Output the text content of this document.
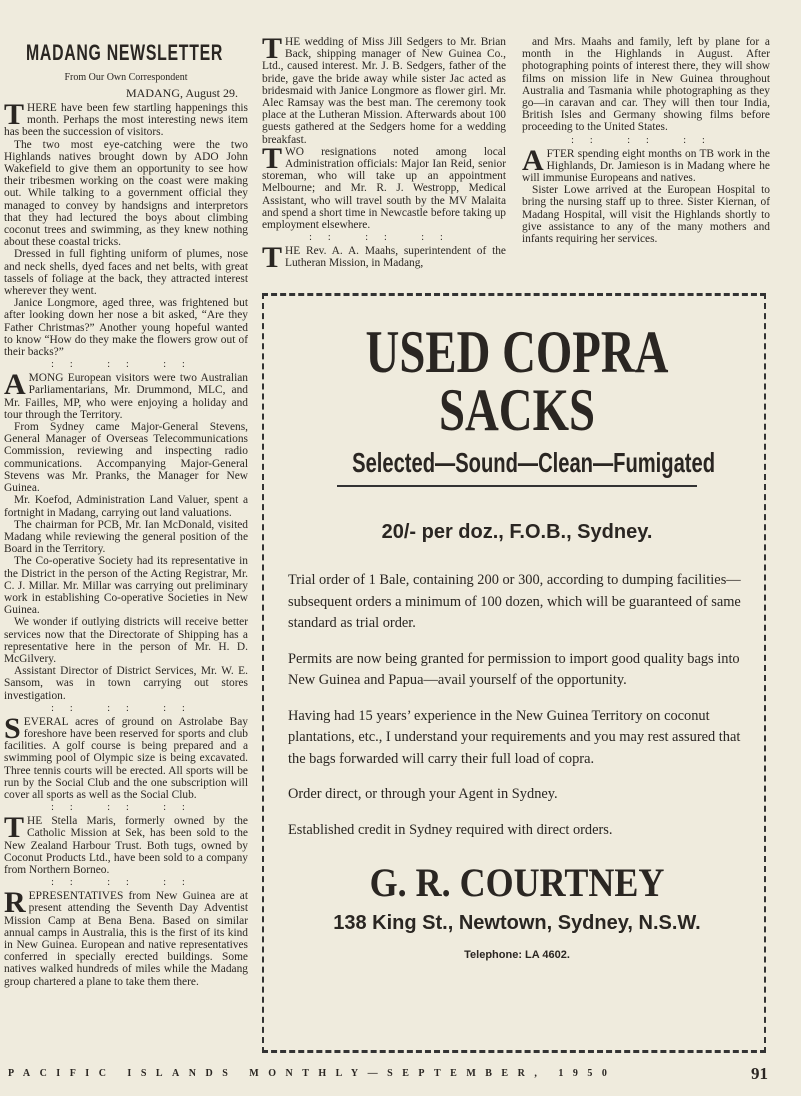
MADANG NEWSLETTER
From Our Own Correspondent
MADANG, August 29.

THERE have been few startling happenings this month. Perhaps the most interesting news item has been the succession of visitors.

The two most eye-catching were the two Highlands natives brought down by ADO John Wakefield to give them an opportunity to see how their tribesmen working on the coast were making out. While talking to a government official they managed to convey by handsigns and interpretors that they had lectured the boys about climbing coconut trees and swimming, as they knew nothing about these coastal tricks.

Dressed in full fighting uniform of plumes, nose and neck shells, dyed faces and net belts, with great tassels of foliage at the back, they attracted interest wherever they went.

Janice Longmore, aged three, was frightened but after looking down her nose a bit asked, “Are they Father Christmas?” Another young hopeful wanted to know “How do they make the flowers grow out of their backs?”

:: :: ::

AMONG European visitors were two Australian Parliamentarians, Mr. Drummond, MLC, and Mr. Failles, MP, who were enjoying a holiday and tour through the Territory.

From Sydney came Major-General Stevens, General Manager of Overseas Telecommunications Commission, reviewing and inspecting radio communications. Accompanying Major-General Stevens was Mr. Pranks, the Manager for New Guinea.

Mr. Koefod, Administration Land Valuer, spent a fortnight in Madang, carrying out land valuations.

The chairman for PCB, Mr. Ian McDonald, visited Madang while reviewing the general position of the Board in the Territory.

The Co-operative Society had its representative in the District in the person of the Acting Registrar, Mr. C. J. Millar. Mr. Millar was carrying out preliminary work in establishing Co-operative Societies in New Guinea.

We wonder if outlying districts will receive better services now that the Directorate of Shipping has a representative here in the person of Mr. H. D. McGilvery.

Assistant Director of District Services, Mr. W. E. Sansom, was in town carrying out stores investigation.

:: :: ::

SEVERAL acres of ground on Astrolabe Bay foreshore have been reserved for sports and club facilities. A golf course is being prepared and a swimming pool of Olympic size is being excavated. Three tennis courts will be erected. All sports will be run by the Social Club and the one subscription will cover all sports as well as the Social Club.

:: :: ::

THE Stella Maris, formerly owned by the Catholic Mission at Sek, has been sold to the New Zealand Harbour Trust. Both tugs, owned by Coconut Products Ltd., have been sold to a company from Northern Borneo.

:: :: ::

REPRESENTATIVES from New Guinea are at present attending the Seventh Day Adventist Mission Camp at Bena Bena. Based on similar annual camps in Australia, this is the first of its kind in New Guinea. European and native representatives conferred in specially erected buildings. Some natives walked hundreds of miles while the Madang group chartered a plane to take them there.

THE wedding of Miss Jill Sedgers to Mr. Brian Back, shipping manager of New Guinea Co., Ltd., caused interest. Mr. J. B. Sedgers, father of the bride, gave the bride away while sister Jac acted as bridesmaid with Janice Longmore as flower girl. Mr. Alec Ramsay was the best man. The ceremony took place at the Lutheran Mission. Afterwards about 100 guests gathered at the Sedgers home for a wedding breakfast.

TWO resignations noted among local Administration officials: Major Ian Reid, senior storeman, who will take up an appointment Melbourne; and Mr. R. J. Westropp, Medical Assistant, who will travel south by the MV Malaita and spend a short time in Newcastle before taking up employment elsewhere.

:: :: ::

THE Rev. A. A. Maahs, superintendent of the Lutheran Mission, in Madang,

and Mrs. Maahs and family, left by plane for a month in the Highlands in August. After photographing points of interest there, they will show films on mission life in New Guinea throughout Australia and Tasmania while photographing as they go—in caravan and car. They will then tour India, British Isles and Germany showing films before proceeding to the United States.

:: :: ::

AFTER spending eight months on TB work in the Highlands, Dr. Jamieson is in Madang where he will immunise Europeans and natives.

Sister Lowe arrived at the European Hospital to bring the nursing staff up to three. Sister Kiernan, of Madang Hospital, will visit the Highlands shortly to give assistance to any of the many mothers and infants requiring her services.

USED COPRA
SACKS
Selected—Sound—Clean—Fumigated
20/- per doz., F.O.B., Sydney.

Trial order of 1 Bale, containing 200 or 300, according to dumping facilities—subsequent orders a minimum of 100 dozen, which will be guaranteed of same standard as trial order.

Permits are now being granted for permission to import good quality bags into New Guinea and Papua—avail yourself of the opportunity.

Having had 15 years’ experience in the New Guinea Territory on coconut plantations, etc., I understand your requirements and you may rest assured that the bags forwarded will carry their full load of copra.

Order direct, or through your Agent in Sydney.

Established credit in Sydney required with direct orders.

G. R. COURTNEY
138 King St., Newtown, Sydney, N.S.W.
Telephone: LA 4602.
PACIFIC ISLANDS MONTHLY—SEPTEMBER, 1950	91
